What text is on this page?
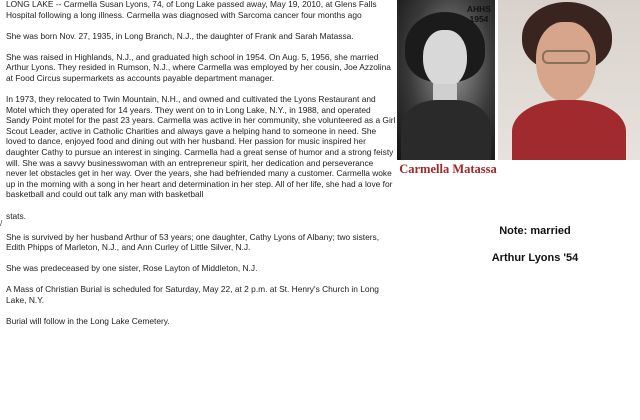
LONG LAKE -- Carmella Susan Lyons, 74, of Long Lake passed away, May 19, 2010, at Glens Falls Hospital following a long illness. Carmella was diagnosed with Sarcoma cancer four months ago

She was born Nov. 27, 1935, in Long Branch, N.J., the daughter of Frank and Sarah Matassa.

She was raised in Highlands, N.J., and graduated high school in 1954. On Aug. 5, 1956, she married Arthur Lyons. They resided in Rumson, N.J., where Carmella was employed by her cousin, Joe Azzolina at Food Circus supermarkets as accounts payable department manager.

In 1973, they relocated to Twin Mountain, N.H., and owned and cultivated the Lyons Restaurant and Motel which they operated for 14 years. They went on to in Long Lake, N.Y., in 1988, and operated Sandy Point motel for the past 23 years. Carmella was active in her community, she volunteered as a Girl Scout Leader, active in Catholic Charities and always gave a helping hand to someone in need. She loved to dance, enjoyed food and dining out with her husband. Her passion for music inspired her daughter Cathy to pursue an interest in singing. Carmella had a great sense of humor and a strong feisty will. She was a savvy businesswoman with an entrepreneur spirit, her dedication and perseverance never let obstacles get in her way. Over the years, she had befriended many a customer. Carmella woke up in the morning with a song in her heart and determination in her step. All of her life, she had a love for basketball and could out talk any man with basketball

stats.

She is survived by her husband Arthur of 53 years; one daughter, Cathy Lyons of Albany; two sisters, Edith Phipps of Marleton, N.J., and Ann Curley of Little Silver, N.J.

She was predeceased by one sister, Rose Layton of Middleton, N.J.

A Mass of Christian Burial is scheduled for Saturday, May 22, at 2 p.m. at St. Henry's Church in Long Lake, N.Y.

Burial will follow in the Long Lake Cemetery.

/
AHHS
1954
Carmella Matassa
Note: married
Arthur Lyons '54
